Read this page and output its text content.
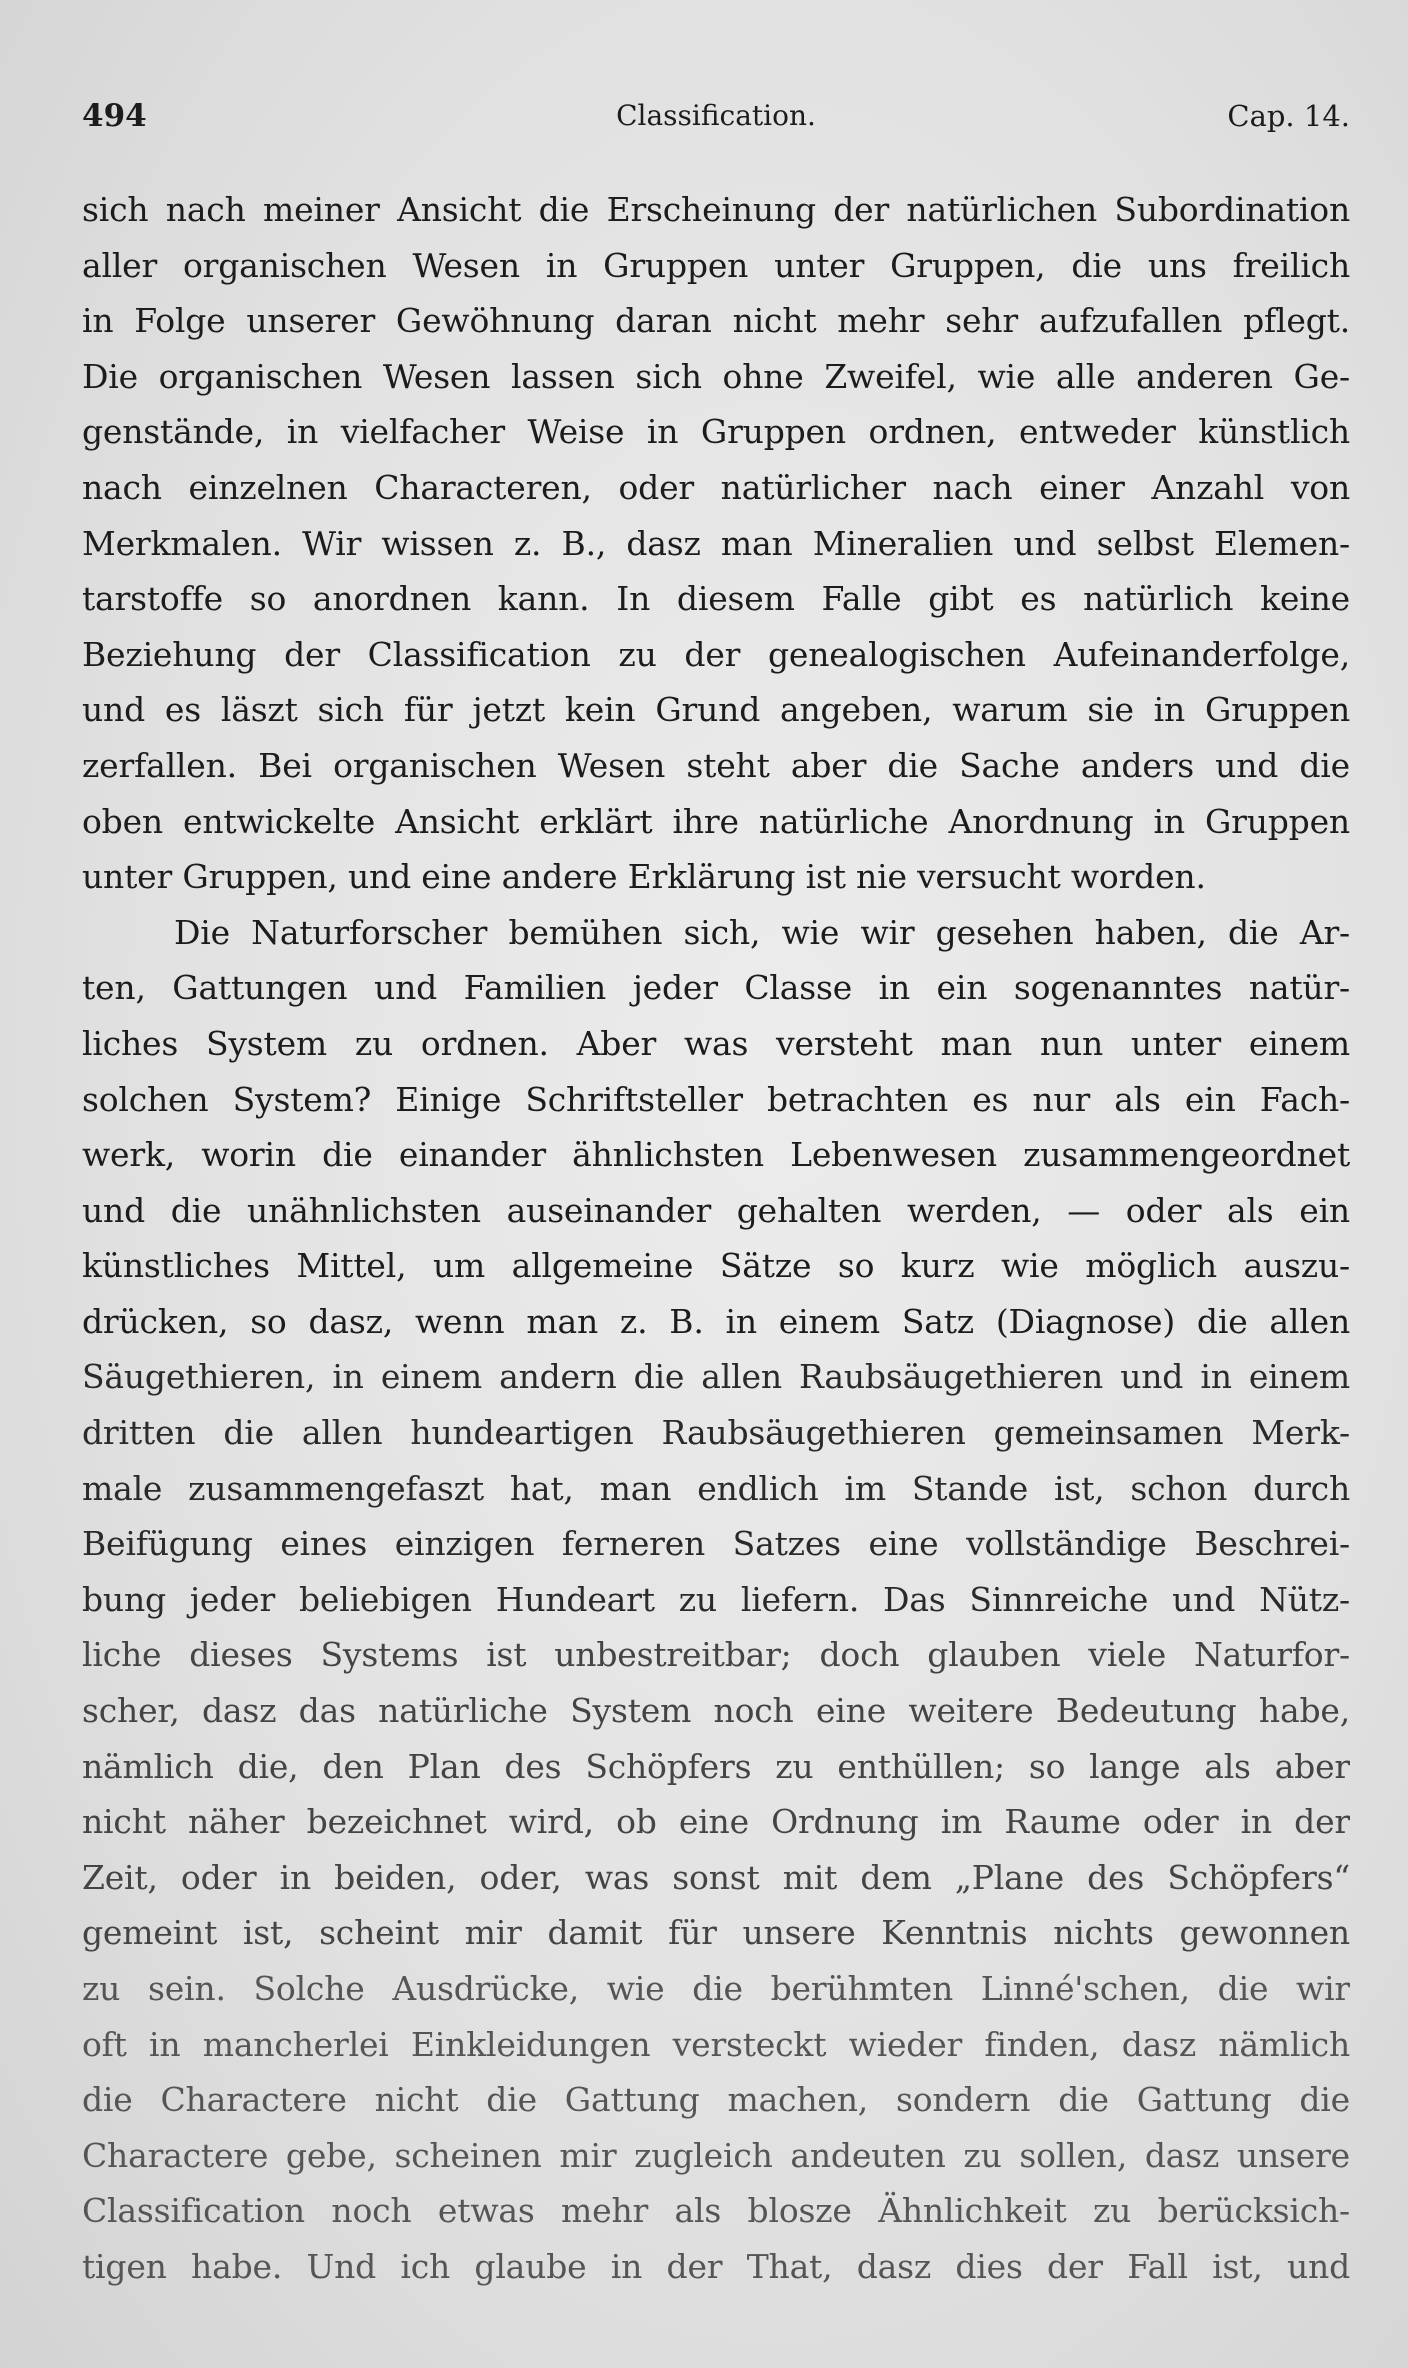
494	Classification.	Cap. 14.
sich nach meiner Ansicht die Erscheinung der natürlichen Subordination
aller organischen Wesen in Gruppen unter Gruppen, die uns freilich
in Folge unserer Gewöhnung daran nicht mehr sehr aufzufallen pflegt.
Die organischen Wesen lassen sich ohne Zweifel, wie alle anderen Ge-
genstände, in vielfacher Weise in Gruppen ordnen, entweder künstlich
nach einzelnen Characteren, oder natürlicher nach einer Anzahl von
Merkmalen. Wir wissen z. B., dasz man Mineralien und selbst Elemen-
tarstoffe so anordnen kann. In diesem Falle gibt es natürlich keine
Beziehung der Classification zu der genealogischen Aufeinanderfolge,
und es läszt sich für jetzt kein Grund angeben, warum sie in Gruppen
zerfallen. Bei organischen Wesen steht aber die Sache anders und die
oben entwickelte Ansicht erklärt ihre natürliche Anordnung in Gruppen
unter Gruppen, und eine andere Erklärung ist nie versucht worden.
Die Naturforscher bemühen sich, wie wir gesehen haben, die Ar-
ten, Gattungen und Familien jeder Classe in ein sogenanntes natür-
liches System zu ordnen. Aber was versteht man nun unter einem
solchen System? Einige Schriftsteller betrachten es nur als ein Fach-
werk, worin die einander ähnlichsten Lebenwesen zusammengeordnet
und die unähnlichsten auseinander gehalten werden, — oder als ein
künstliches Mittel, um allgemeine Sätze so kurz wie möglich auszu-
drücken, so dasz, wenn man z. B. in einem Satz (Diagnose) die allen
Säugethieren, in einem andern die allen Raubsäugethieren und in einem
dritten die allen hundeartigen Raubsäugethieren gemeinsamen Merk-
male zusammengefaszt hat, man endlich im Stande ist, schon durch
Beifügung eines einzigen ferneren Satzes eine vollständige Beschrei-
bung jeder beliebigen Hundeart zu liefern. Das Sinnreiche und Nütz-
liche dieses Systems ist unbestreitbar; doch glauben viele Naturfor-
scher, dasz das natürliche System noch eine weitere Bedeutung habe,
nämlich die, den Plan des Schöpfers zu enthüllen; so lange als aber
nicht näher bezeichnet wird, ob eine Ordnung im Raume oder in der
Zeit, oder in beiden, oder, was sonst mit dem „Plane des Schöpfers“
gemeint ist, scheint mir damit für unsere Kenntnis nichts gewonnen
zu sein. Solche Ausdrücke, wie die berühmten Linné'schen, die wir
oft in mancherlei Einkleidungen versteckt wieder finden, dasz nämlich
die Charactere nicht die Gattung machen, sondern die Gattung die
Charactere gebe, scheinen mir zugleich andeuten zu sollen, dasz unsere
Classification noch etwas mehr als blosze Ähnlichkeit zu berücksich-
tigen habe. Und ich glaube in der That, dasz dies der Fall ist, und
